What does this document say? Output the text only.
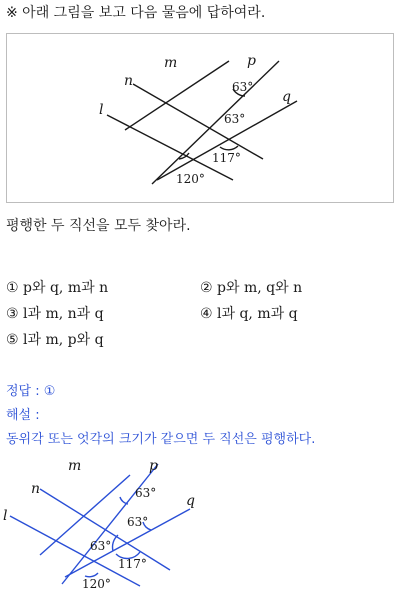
※ 아래 그림을 보고 다음 물음에 답하여라.
m	p
n
q
l
63°
63°
117°
120°
평행한 두 직선을 모두 찾아라.
① p와 q, m과 n	② p와 m, q와 n
③ l과 m, n과 q	④ l과 q, m과 q
⑤ l과 m, p와 q
정답 : ①
해설 :
동위각 또는 엇각의 크기가 같으면 두 직선은 평행하다.
m	p
n
q
l
63°
63°
63°
117°
120°
